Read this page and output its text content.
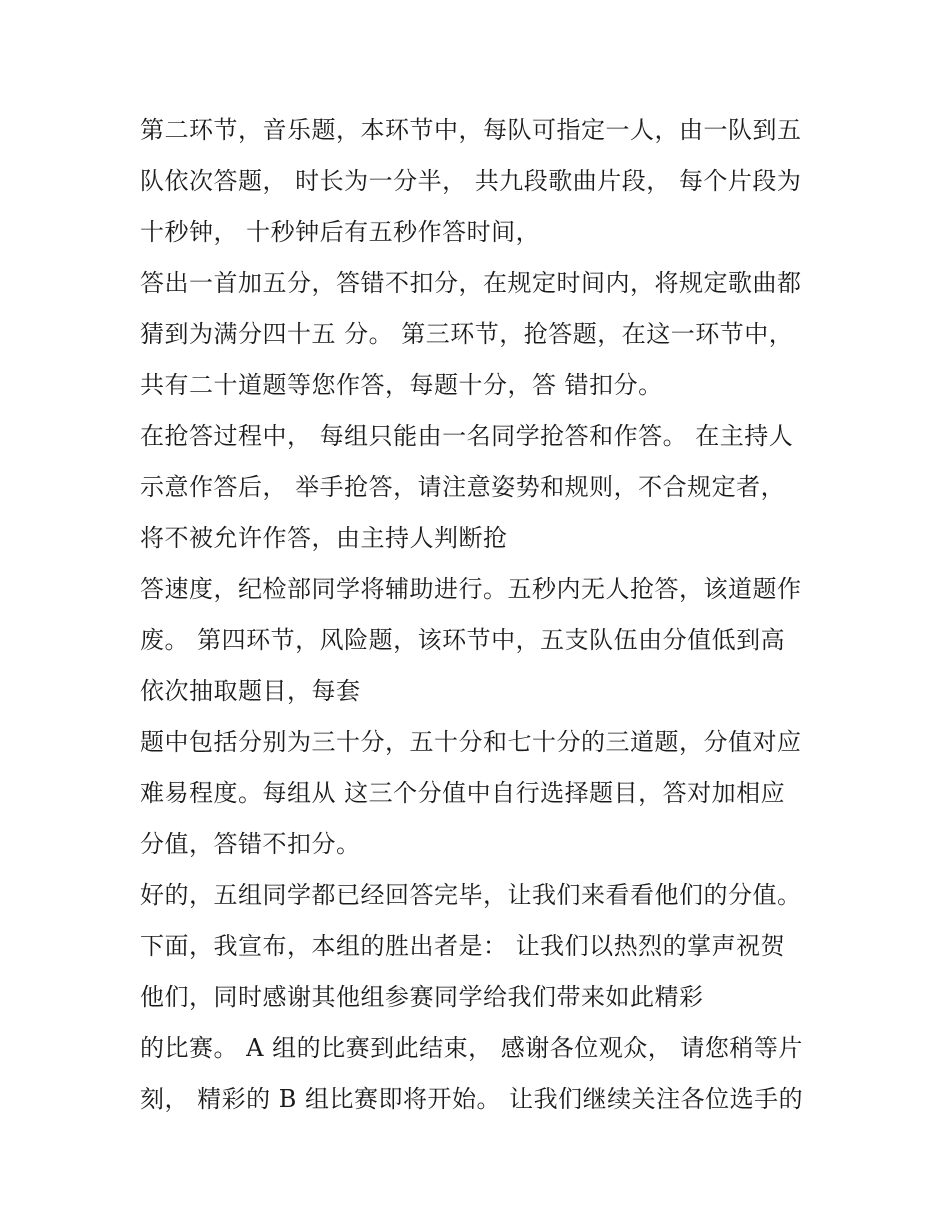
第二环节，音乐题，本环节中，每队可指定一人，由一队到五
队依次答题， 时长为一分半， 共九段歌曲片段， 每个片段为
十秒钟， 十秒钟后有五秒作答时间，
答出一首加五分，答错不扣分，在规定时间内，将规定歌曲都
猜到为满分四十五 分。 第三环节，抢答题，在这一环节中，
共有二十道题等您作答，每题十分，答 错扣分。
在抢答过程中， 每组只能由一名同学抢答和作答。 在主持人
示意作答后， 举手抢答，请注意姿势和规则，不合规定者，
将不被允许作答，由主持人判断抢
答速度，纪检部同学将辅助进行。五秒内无人抢答，该道题作
废。 第四环节，风险题，该环节中，五支队伍由分值低到高
依次抽取题目，每套
题中包括分别为三十分，五十分和七十分的三道题，分值对应
难易程度。每组从 这三个分值中自行选择题目，答对加相应
分值，答错不扣分。
好的，五组同学都已经回答完毕，让我们来看看他们的分值。
下面，我宣布，本组的胜出者是： 让我们以热烈的掌声祝贺
他们，同时感谢其他组参赛同学给我们带来如此精彩
的比赛。 A 组的比赛到此结束， 感谢各位观众， 请您稍等片
刻， 精彩的 B 组比赛即将开始。 让我们继续关注各位选手的
